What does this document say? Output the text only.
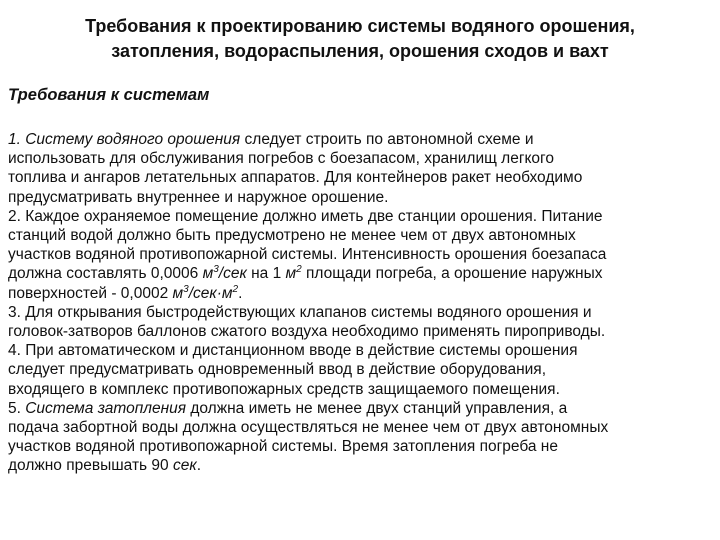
Требования к проектированию системы водяного орошения,
затопления, водораспыления, орошения сходов и вахт
Требования к системам
1. Систему водяного орошения следует строить по автономной схеме и
использовать для обслуживания погребов с боезапасом, хранилищ легкого
топлива и ангаров летательных аппаратов. Для контейнеров ракет необходимо
предусматривать внутреннее и наружное орошение.
2. Каждое охраняемое помещение должно иметь две станции орошения. Питание
станций водой должно быть предусмотрено не менее чем от двух автономных
участков водяной противопожарной системы. Интенсивность орошения боезапаса
должна составлять 0,0006 $м^3$/сек на 1 $м^2$ площади погреба, а орошение наружных
поверхностей - 0,0002 $м^3/сек\cdot м^2$.
3. Для открывания быстродействующих клапанов системы водяного орошения и
головок-затворов баллонов сжатого воздуха необходимо применять пироприводы.
4. При автоматическом и дистанционном вводе в действие системы орошения
следует предусматривать одновременный ввод в действие оборудования,
входящего в комплекс противопожарных средств защищаемого помещения.
5. Система затопления должна иметь не менее двух станций управления, а
подача забортной воды должна осуществляться не менее чем от двух автономных
участков водяной противопожарной системы. Время затопления погреба не
должно превышать 90 сек.
